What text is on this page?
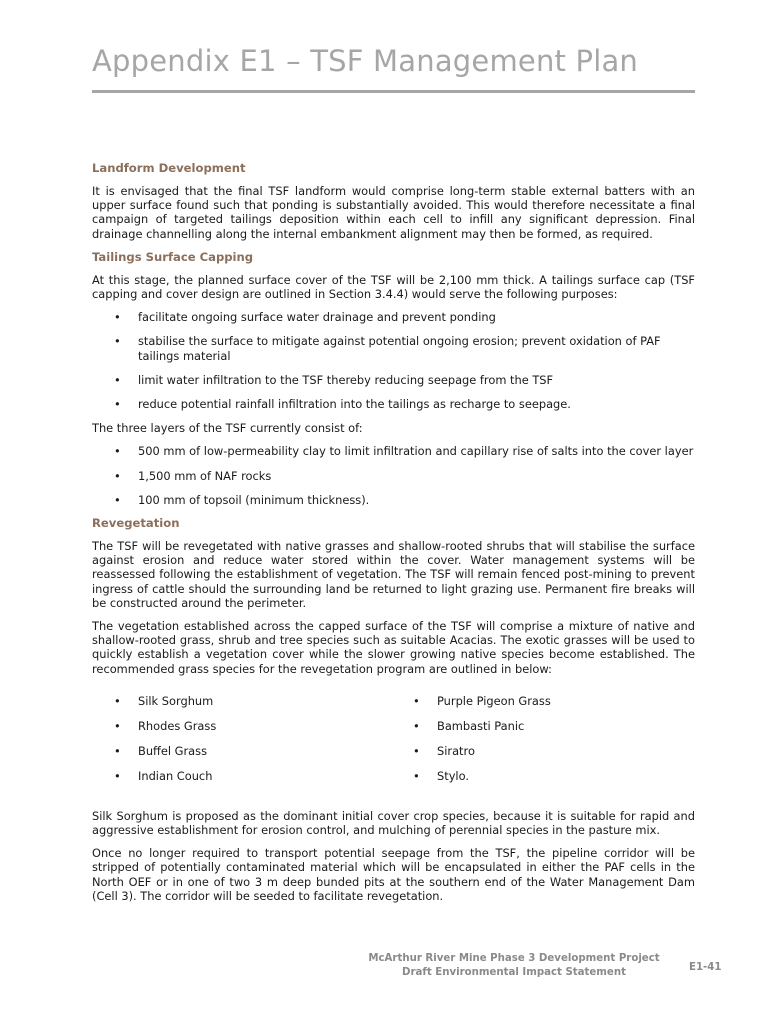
Appendix E1 – TSF Management Plan
Landform Development

It is envisaged that the final TSF landform would comprise long-term stable external batters with an upper surface found such that ponding is substantially avoided. This would therefore necessitate a final campaign of targeted tailings deposition within each cell to infill any significant depression. Final drainage channelling along the internal embankment alignment may then be formed, as required.

Tailings Surface Capping

At this stage, the planned surface cover of the TSF will be 2,100 mm thick. A tailings surface cap (TSF capping and cover design are outlined in Section 3.4.4) would serve the following purposes:

• facilitate ongoing surface water drainage and prevent ponding
• stabilise the surface to mitigate against potential ongoing erosion; prevent oxidation of PAF tailings material
• limit water infiltration to the TSF thereby reducing seepage from the TSF
• reduce potential rainfall infiltration into the tailings as recharge to seepage.

The three layers of the TSF currently consist of:

• 500 mm of low-permeability clay to limit infiltration and capillary rise of salts into the cover layer
• 1,500 mm of NAF rocks
• 100 mm of topsoil (minimum thickness).
Revegetation

The TSF will be revegetated with native grasses and shallow-rooted shrubs that will stabilise the surface against erosion and reduce water stored within the cover. Water management systems will be reassessed following the establishment of vegetation. The TSF will remain fenced post-mining to prevent ingress of cattle should the surrounding land be returned to light grazing use. Permanent fire breaks will be constructed around the perimeter.

The vegetation established across the capped surface of the TSF will comprise a mixture of native and shallow-rooted grass, shrub and tree species such as suitable Acacias. The exotic grasses will be used to quickly establish a vegetation cover while the slower growing native species become established. The recommended grass species for the revegetation program are outlined in below:

• Silk Sorghum
• Rhodes Grass
• Buffel Grass
• Indian Couch
• Purple Pigeon Grass
• Bambasti Panic
• Siratro
• Stylo.

Silk Sorghum is proposed as the dominant initial cover crop species, because it is suitable for rapid and aggressive establishment for erosion control, and mulching of perennial species in the pasture mix.

Once no longer required to transport potential seepage from the TSF, the pipeline corridor will be stripped of potentially contaminated material which will be encapsulated in either the PAF cells in the North OEF or in one of two 3 m deep bunded pits at the southern end of the Water Management Dam (Cell 3). The corridor will be seeded to facilitate revegetation.

McArthur River Mine Phase 3 Development Project
Draft Environmental Impact Statement	E1-41
